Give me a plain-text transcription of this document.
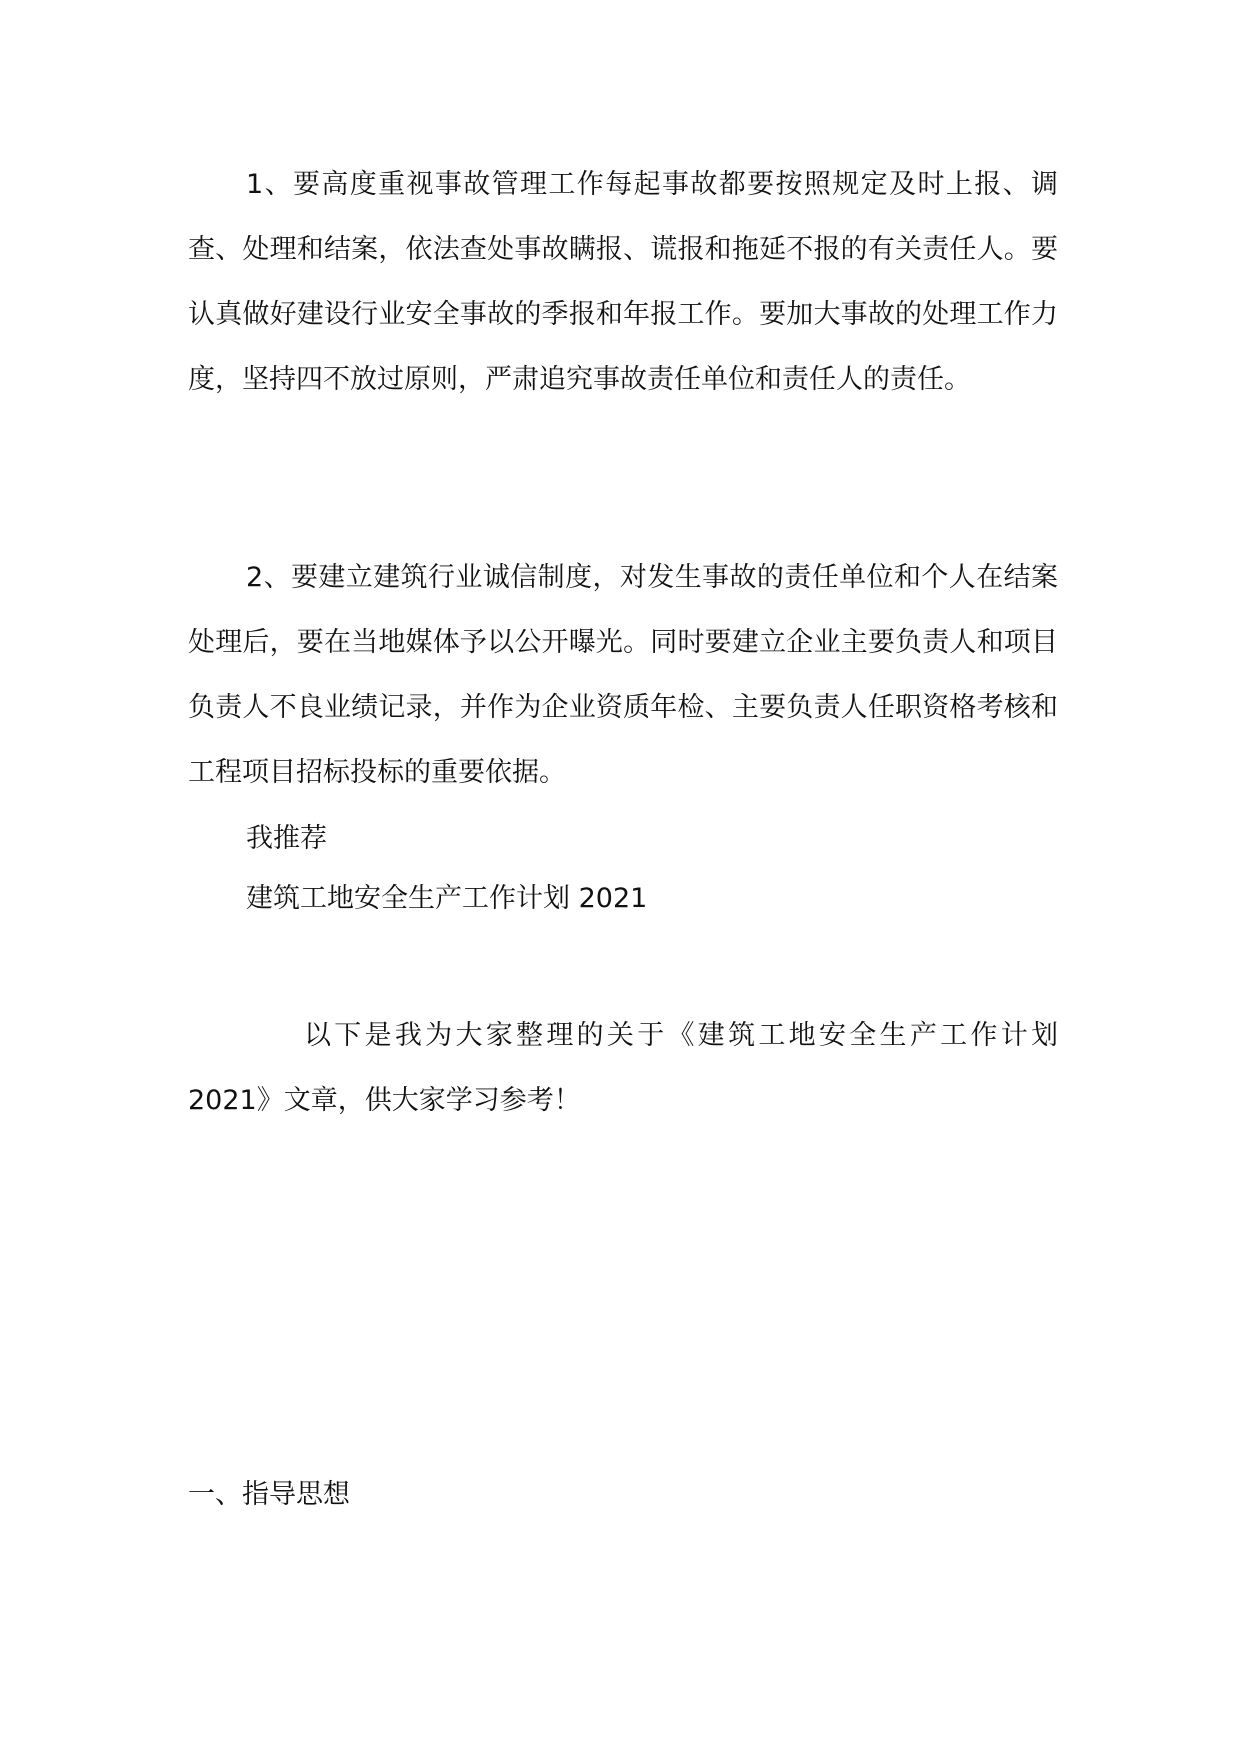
1、要高度重视事故管理工作每起事故都要按照规定及时上报、调查、处理和结案，依法查处事故瞒报、谎报和拖延不报的有关责任人。要认真做好建设行业安全事故的季报和年报工作。要加大事故的处理工作力度，坚持四不放过原则，严肃追究事故责任单位和责任人的责任。

2、要建立建筑行业诚信制度，对发生事故的责任单位和个人在结案处理后，要在当地媒体予以公开曝光。同时要建立企业主要负责人和项目负责人不良业绩记录，并作为企业资质年检、主要负责人任职资格考核和工程项目招标投标的重要依据。

我推荐

建筑工地安全生产工作计划 2021

以下是我为大家整理的关于《建筑工地安全生产工作计划 2021》文章，供大家学习参考！

一、指导思想
